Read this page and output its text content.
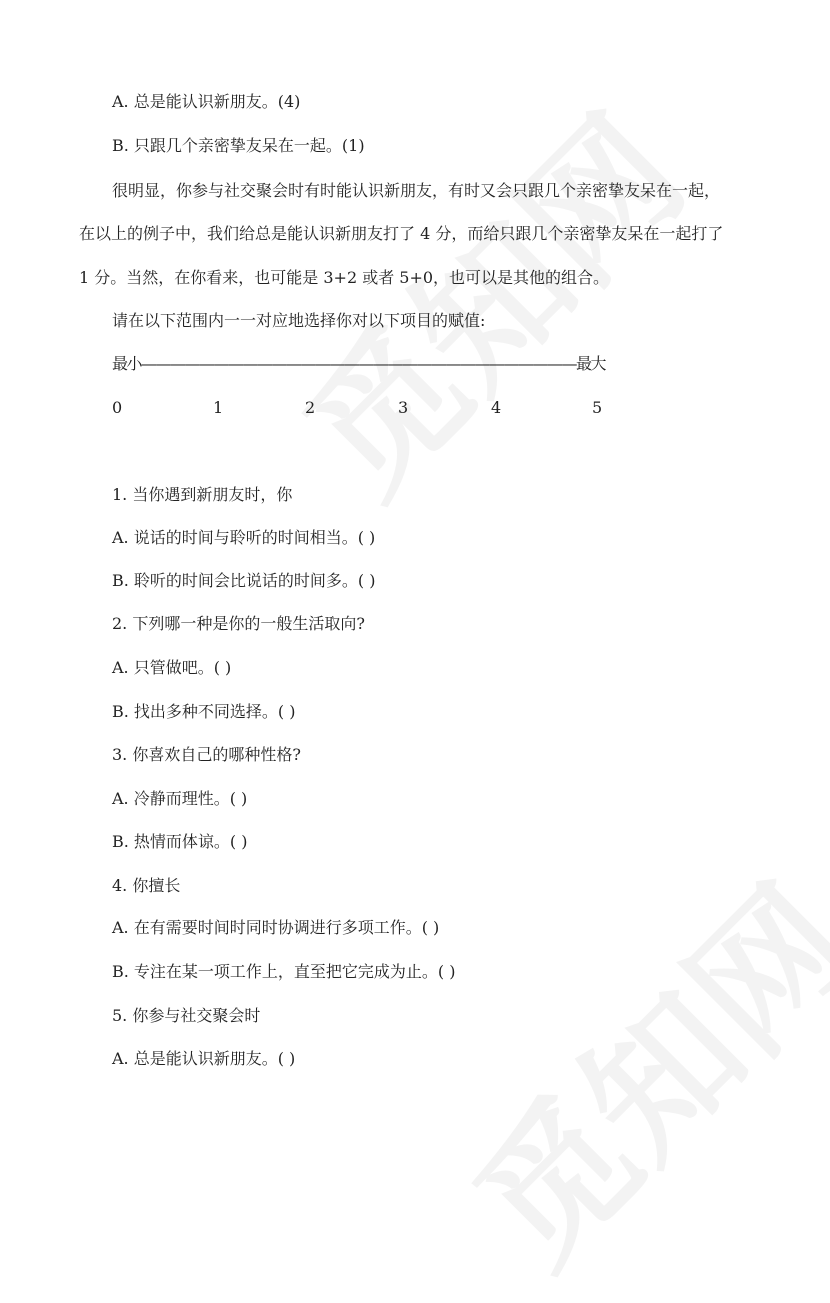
A. 总是能认识新朋友。(4)
B. 只跟几个亲密挚友呆在一起。(1)
很明显，你参与社交聚会时有时能认识新朋友，有时又会只跟几个亲密挚友呆在一起，
在以上的例子中，我们给总是能认识新朋友打了 4 分，而给只跟几个亲密挚友呆在一起打了
1 分。当然，在你看来，也可能是 3+2 或者 5+0，也可以是其他的组合。
请在以下范围内一一对应地选择你对以下项目的赋值:
最小——————————————————————————————最大
0	1	2	3	4	5
1. 当你遇到新朋友时，你
A. 说话的时间与聆听的时间相当。( )
B. 聆听的时间会比说话的时间多。( )
2. 下列哪一种是你的一般生活取向?
A. 只管做吧。( )
B. 找出多种不同选择。( )
3. 你喜欢自己的哪种性格?
A. 冷静而理性。( )
B. 热情而体谅。( )
4. 你擅长
A. 在有需要时间时同时协调进行多项工作。( )
B. 专注在某一项工作上，直至把它完成为止。( )
5. 你参与社交聚会时
A. 总是能认识新朋友。( )
